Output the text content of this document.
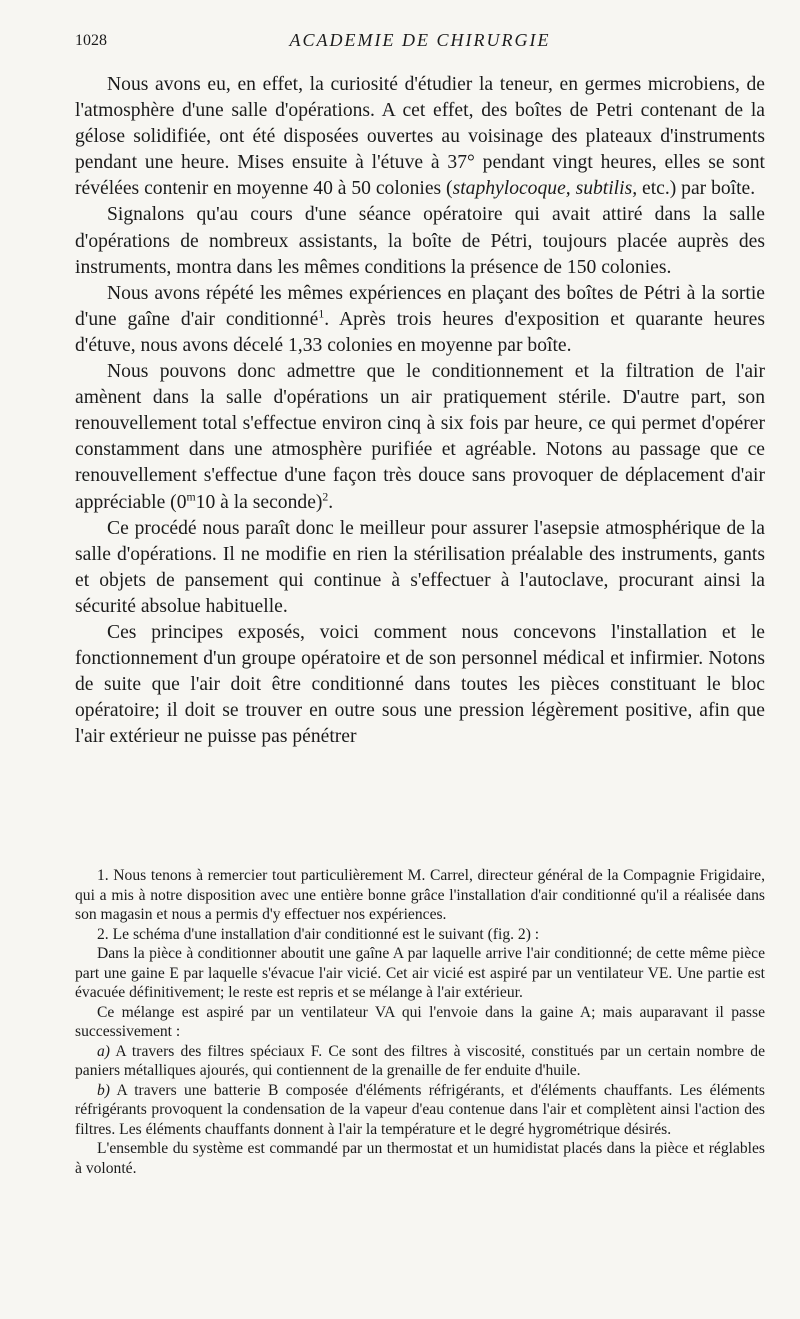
1028	ACADEMIE DE CHIRURGIE

Nous avons eu, en effet, la curiosité d'étudier la teneur, en germes microbiens, de l'atmosphère d'une salle d'opérations. A cet effet, des boîtes de Petri contenant de la gélose solidifiée, ont été disposées ouvertes au voisinage des plateaux d'instruments pendant une heure. Mises ensuite à l'étuve à 37° pendant vingt heures, elles se sont révélées contenir en moyenne 40 à 50 colonies (staphylocoque, subtilis, etc.) par boîte.

Signalons qu'au cours d'une séance opératoire qui avait attiré dans la salle d'opérations de nombreux assistants, la boîte de Pétri, toujours placée auprès des instruments, montra dans les mêmes conditions la présence de 150 colonies.

Nous avons répété les mêmes expériences en plaçant des boîtes de Pétri à la sortie d'une gaîne d'air conditionné$^1$. Après trois heures d'exposition et quarante heures d'étuve, nous avons décelé 1,33 colonies en moyenne par boîte.

Nous pouvons donc admettre que le conditionnement et la filtration de l'air amènent dans la salle d'opérations un air pratiquement stérile. D'autre part, son renouvellement total s'effectue environ cinq à six fois par heure, ce qui permet d'opérer constamment dans une atmosphère purifiée et agréable. Notons au passage que ce renouvellement s'effectue d'une façon très douce sans provoquer de déplacement d'air appréciable (0$^m$10 à la seconde)$^2$.

Ce procédé nous paraît donc le meilleur pour assurer l'asepsie atmosphérique de la salle d'opérations. Il ne modifie en rien la stérilisation préalable des instruments, gants et objets de pansement qui continue à s'effectuer à l'autoclave, procurant ainsi la sécurité absolue habituelle.

Ces principes exposés, voici comment nous concevons l'installation et le fonctionnement d'un groupe opératoire et de son personnel médical et infirmier. Notons de suite que l'air doit être conditionné dans toutes les pièces constituant le bloc opératoire; il doit se trouver en outre sous une pression légèrement positive, afin que l'air extérieur ne puisse pas pénétrer

1. Nous tenons à remercier tout particulièrement M. Carrel, directeur général de la Compagnie Frigidaire, qui a mis à notre disposition avec une entière bonne grâce l'installation d'air conditionné qu'il a réalisée dans son magasin et nous a permis d'y effectuer nos expériences.

2. Le schéma d'une installation d'air conditionné est le suivant (fig. 2) :

Dans la pièce à conditionner aboutit une gaîne A par laquelle arrive l'air conditionné; de cette même pièce part une gaine E par laquelle s'évacue l'air vicié. Cet air vicié est aspiré par un ventilateur VE. Une partie est évacuée définitivement; le reste est repris et se mélange à l'air extérieur.

Ce mélange est aspiré par un ventilateur VA qui l'envoie dans la gaine A; mais auparavant il passe successivement :

a) A travers des filtres spéciaux F. Ce sont des filtres à viscosité, constitués par un certain nombre de paniers métalliques ajourés, qui contiennent de la grenaille de fer enduite d'huile.

b) A travers une batterie B composée d'éléments réfrigérants, et d'éléments chauffants. Les éléments réfrigérants provoquent la condensation de la vapeur d'eau contenue dans l'air et complètent ainsi l'action des filtres. Les éléments chauffants donnent à l'air la température et le degré hygrométrique désirés.

L'ensemble du système est commandé par un thermostat et un humidistat placés dans la pièce et réglables à volonté.
